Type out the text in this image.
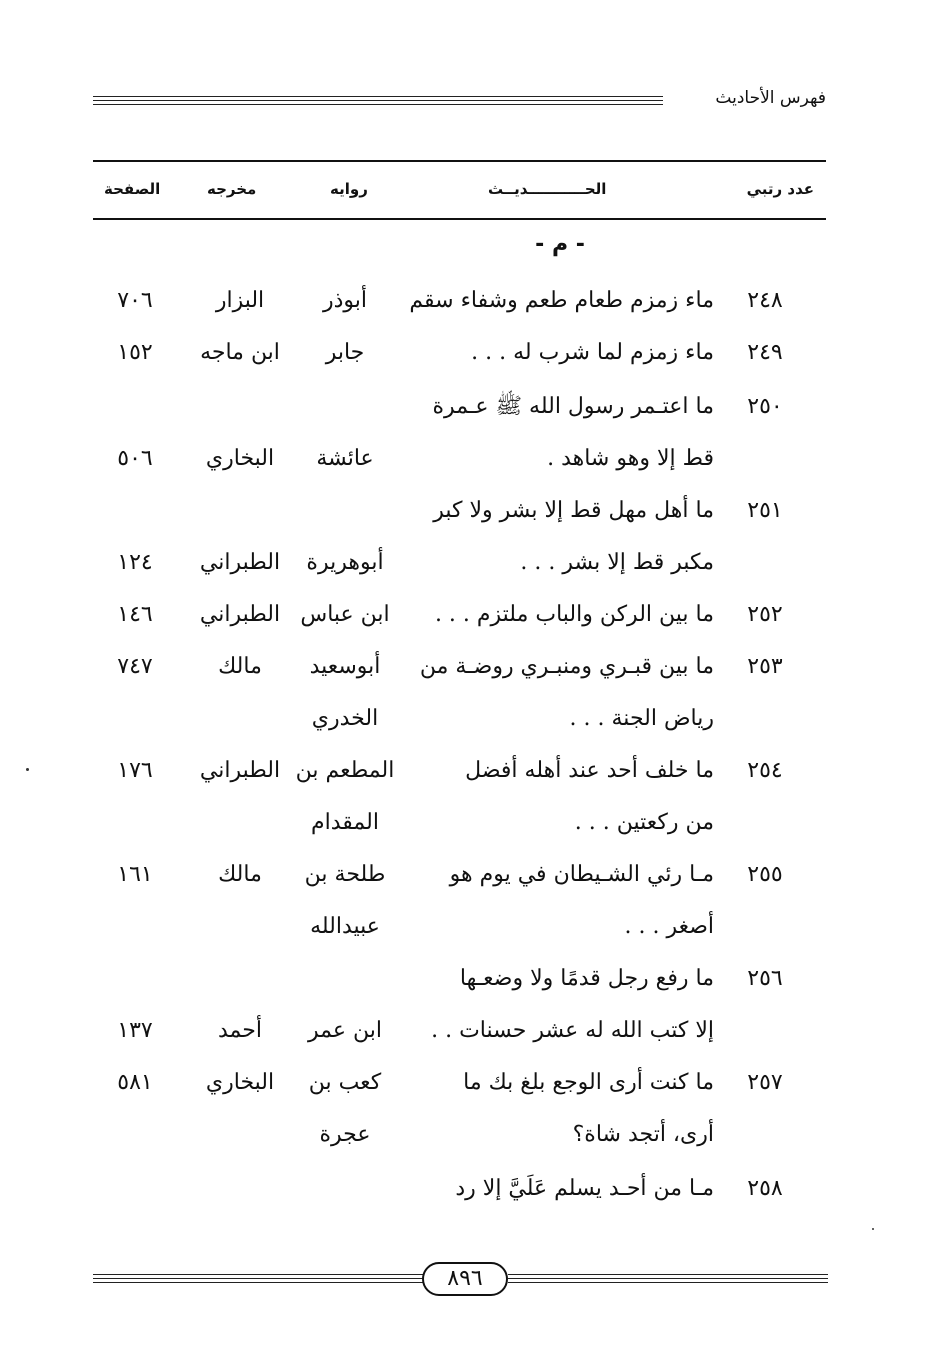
فهرس الأحاديث
عدد رتبي
الحـــــــــــديــث
روايه
مخرجه
الصفحة
- م -
٢٤٨
ماء زمزم طعام طعم وشفاء سقم
أبوذر
البزار
٧٠٦
٢٤٩
ماء زمزم لما شرب له . . .
جابر
ابن ماجه
١٥٢
٢٥٠
ما اعتـمر رسول الله ﷺ عـمرة
قط إلا وهو شاهد .
عائشة
البخاري
٥٠٦
٢٥١
ما أهل مهل قط إلا بشر ولا كبر
مكبر قط إلا بشر . . .
أبوهريرة
الطبراني
١٢٤
٢٥٢
ما بين الركن والباب ملتزم . . .
ابن عباس
الطبراني
١٤٦
٢٥٣
ما بين قبـري ومنبـري روضـة من
رياض الجنة . . .
أبوسعيد
الخدري
مالك
٧٤٧
٢٥٤
ما خلف أحد عند أهله أفضل
من ركعتين . . .
المطعم بن
المقدام
الطبراني
١٧٦
٢٥٥
مـا رئي الشـيطان في يوم هو
أصغر . . .
طلحة بن
عبيدالله
مالك
١٦١
٢٥٦
ما رفع رجل قدمًا ولا وضعـها
إلا كتب الله له عشر حسنات . .
ابن عمر
أحمد
١٣٧
٢٥٧
ما كنت أرى الوجع بلغ بك ما
أرى، أتجد شاة؟
كعب بن
عجرة
البخاري
٥٨١
٢٥٨
مـا من أحـد يسلم عَلَيَّ إلا رد
٨٩٦
